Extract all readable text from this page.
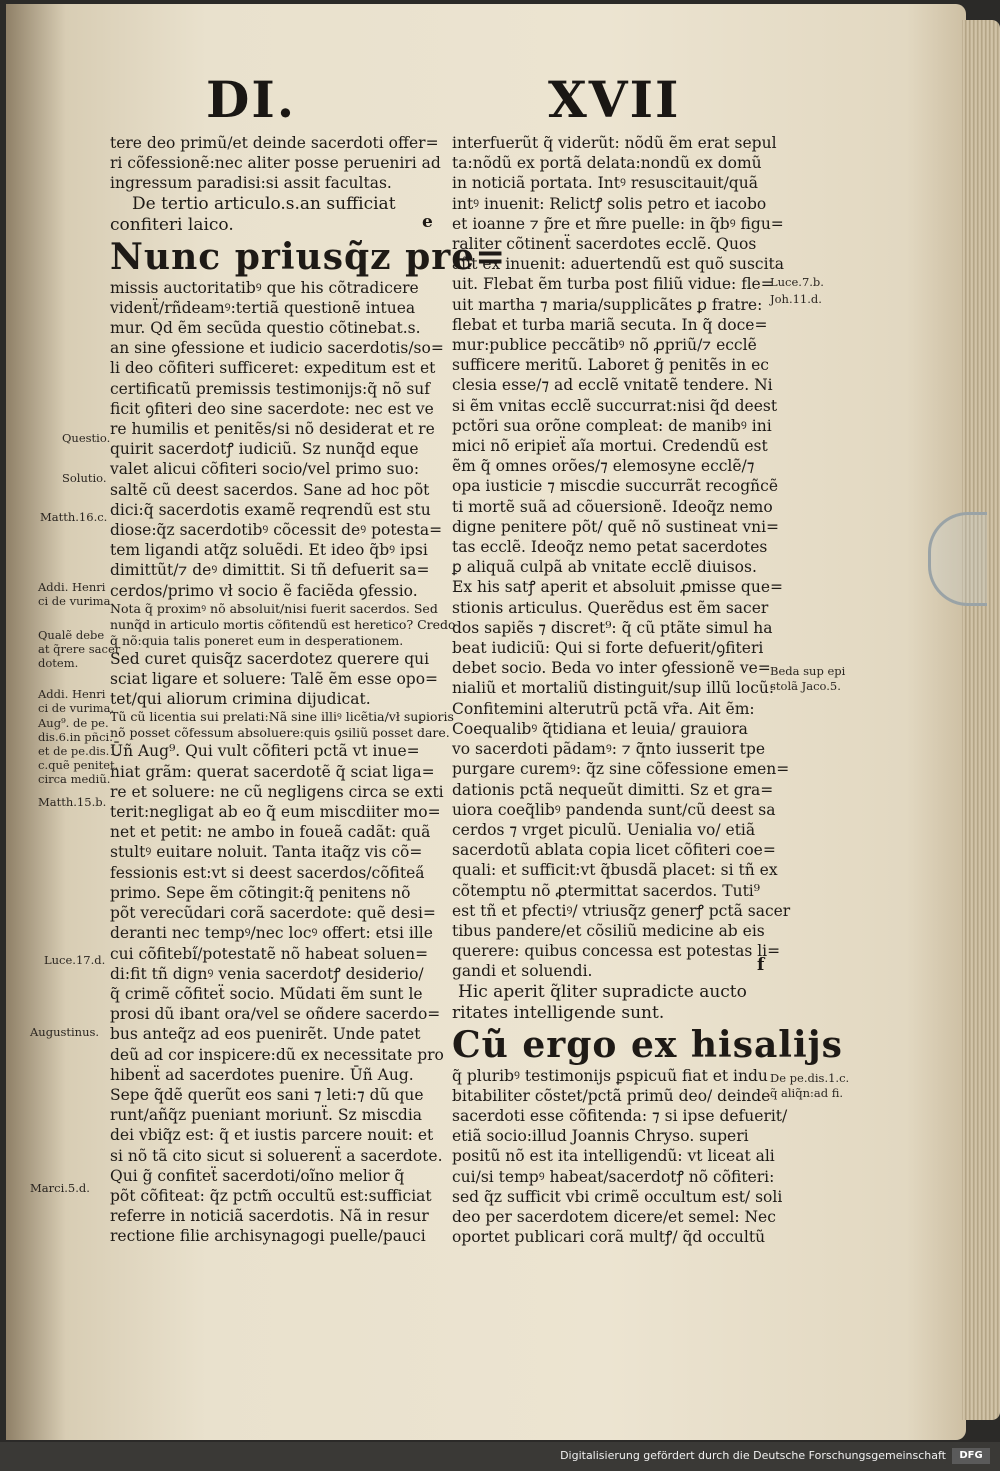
DI.	XVII
tere deo primũ/et deinde sacerdoti offer=
ri cõfessionẽ:nec aliter posse perueniri ad
ingressum paradisi:si assit facultas.
De tertio articulo.s.an sufficiat
confiteri laico.
Nunc priusq̃z pre=
missis auctoritatibꝰ que his cõtradicere
videnẗ/rñdeamꝰ:tertiã questionẽ intuea
mur. Qd ẽm secũda questio cõtinebat.s.
an sine ꝯfessione et iudicio sacerdotis/so=
li deo cõfiteri sufficeret: expeditum est et
certificatũ premissis testimonijs:q̃ nõ suf
ficit ꝯfiteri deo sine sacerdote: nec est ve
re humilis et penitẽs/si nõ desiderat et re
quirit sacerdotꝭ iudiciũ. Sz nunq̃d eque
valet alicui cõfiteri socio/vel primo suo:
saltẽ cũ deest sacerdos. Sane ad hoc põt
dici:q̃ sacerdotis examẽ reqrendũ est stu
diose:q̃z sacerdotibꝰ cõcessit deꝰ potesta=
tem ligandi atq̃z soluẽdi. Et ideo q̃bꝰ ipsi
dimittũt/⁊ deꝰ dimittit. Si tñ defuerit sa=
cerdos/primo vł socio ẽ faciẽda ꝯfessio.
Nota q̃ proximꝰ nõ absoluit/nisi fuerit sacerdos. Sed
nunq̃d in articulo mortis cõfitendũ est heretico? Credo
q̃ nõ:quia talis poneret eum in desperationem.
Sed curet quisq̃z sacerdotez querere qui
sciat ligare et soluere: Talẽ ẽm esse opo=
tet/qui aliorum crimina dijudicat.
Tũ cũ licentia sui prelati:Nã sine illiꝰ licẽtia/vł suꝑioris
nõ posset cõfessum absoluere:quis ꝯsiliũ posset dare.
Ūñ Aug⁹. Qui vult cõfiteri pctã vt inue=
niat grãm: querat sacerdotẽ q̃ sciat liga=
re et soluere: ne cũ negligens circa se exti
terit:negligat ab eo q̃ eum miscdiiter mo=
net et petit: ne ambo in foueã cadãt: quã
stultꝰ euitare noluit. Tanta itaq̃z vis cõ=
fessionis est:vt si deest sacerdos/cõfitea̋
primo. Sepe ẽm cõtingit:q̃ penitens nõ
põt verecũdari corã sacerdote: quẽ desi=
deranti nec tempꝰ/nec locꝰ offert: etsi ille
cui cõfitebi̋/potestatẽ nõ habeat soluen=
di:fit tñ dignꝰ venia sacerdotꝭ desiderio/
q̃ crimẽ cõfiteẗ socio. Mũdati ẽm sunt le
prosi dũ ibant ora/vel se oñdere sacerdo=
bus anteq̃z ad eos puenirẽt. Unde patet
deũ ad cor inspicere:dũ ex necessitate pro
hibenẗ ad sacerdotes puenire. Ūñ Aug.
Sepe q̃dẽ querũt eos sani ⁊ leti:⁊ dũ que
runt/añq̃z pueniant moriunẗ. Sz miscdia
dei vbiq̃z est: q̃ et iustis parcere nouit: et
si nõ tã cito sicut si soluerenẗ a sacerdote.
Qui g̃ confiteẗ sacerdoti/oĩno melior q̃
põt cõfiteat: q̃z pctm̃ occultũ est:sufficiat
referre in noticiã sacerdotis. Nã in resur
rectione filie archisynagogi puelle/pauci
interfuerũt q̃ viderũt: nõdũ ẽm erat sepul
ta:nõdũ ex portã delata:nondũ ex domũ
in noticiã portata. Intꝰ resuscitauit/quã
intꝰ inuenit: Relictꝭ solis petro et iacobo
et ioanne ⁊ p̃re et m̃re puelle: in q̃bꝰ figu=
raliter cõtinenẗ sacerdotes ecclẽ. Quos
aũt ex inuenit: aduertendũ est quõ suscita
uit. Flebat ẽm turba post filiũ vidue: fle=
uit martha ⁊ maria/supplicãtes ꝑ fratre:
flebat et turba mariã secuta. In q̃ doce=
mur:publice peccãtibꝰ nõ ꝓpriũ/⁊ ecclẽ
sufficere meritũ. Laboret g̃ penitẽs in ec
clesia esse/⁊ ad ecclẽ vnitatẽ tendere. Ni
si ẽm vnitas ecclẽ succurrat:nisi q̃d deest
pctõri sua orõne compleat: de manibꝰ ini
mici nõ eripieẗ aĩa mortui. Credendũ est
ẽm q̃ omnes orões/⁊ elemosyne ecclẽ/⁊
opa iusticie ⁊ miscdie succurrãt recogñcẽ
ti mortẽ suã ad cõuersionẽ. Ideoq̃z nemo
digne penitere põt/ quẽ nõ sustineat vni=
tas ecclẽ. Ideoq̃z nemo petat sacerdotes
ꝑ aliquã culpã ab vnitate ecclẽ diuisos.
Ex his satꝭ aperit et absoluit ꝓmisse que=
stionis articulus. Querẽdus est ẽm sacer
dos sapiẽs ⁊ discret⁹: q̃ cũ ptãte simul ha
beat iudiciũ: Qui si forte defuerit/ꝯfiteri
debet socio. Beda vo inter ꝯfessionẽ ve=
nialiũ et mortaliũ distinguit/sup illũ locũ:
Confitemini alterutrũ pctã vr̃a. Ait ẽm:
Coequalibꝰ q̃tidiana et leuia/ grauiora
vo sacerdoti pãdamꝰ: ⁊ q̃nto iusserit tpe
purgare curemꝰ: q̃z sine cõfessione emen=
dationis pctã nequeũt dimitti. Sz et gra=
uiora coeq̃libꝰ pandenda sunt/cũ deest sa
cerdos ⁊ vrget piculũ. Uenialia vo/ etiã
sacerdotũ ablata copia licet cõfiteri coe=
quali: et sufficit:vt q̃busdã placet: si tñ ex
cõtemptu nõ ꝓtermittat sacerdos. Tuti⁹
est tñ et pfectiꝰ/ vtriusq̃z generꝭ pctã sacer
tibus pandere/et cõsiliũ medicine ab eis
querere: quibus concessa est potestas li=
gandi et soluendi.
Hic aperit q̃liter supradicte aucto
ritates intelligende sunt.
Cũ ergo ex hisalijs
q̃ pluribꝰ testimonijs ꝑspicuũ fiat et indu
bitabiliter cõstet/pctã primũ deo/ deinde
sacerdoti esse cõfitenda: ⁊ si ipse defuerit/
etiã socio:illud Joannis Chryso. superi
positũ nõ est ita intelligendũ: vt liceat ali
cui/si tempꝰ habeat/sacerdotꝭ nõ cõfiteri:
sed q̃z sufficit vbi crimẽ occultum est/ soli
deo per sacerdotem dicere/et semel: Nec
oportet publicari corã multꝭ/ q̃d occultũ
e
f
Questio.
Solutio.
Matth.16.c.
Addi. Henri
ci de vurima.
Qualẽ debe
at q̃rere sacer
dotem.
Addi. Henri
ci de vurima.
Aug⁹. de pe.
dis.6.in pñci.
et de pe.dis.1.
c.quẽ penitet.
circa mediũ.
Matth.15.b.
Luce.17.d.
Augustinus.
Marci.5.d.
Luce.7.b.
Joh.11.d.
Beda sup epi
stolã Jaco.5.
De pe.dis.1.c.
q̃ aliq̃n:ad fi.
Digitalisierung gefördert durch die Deutsche Forschungsgemeinschaft	DFG
